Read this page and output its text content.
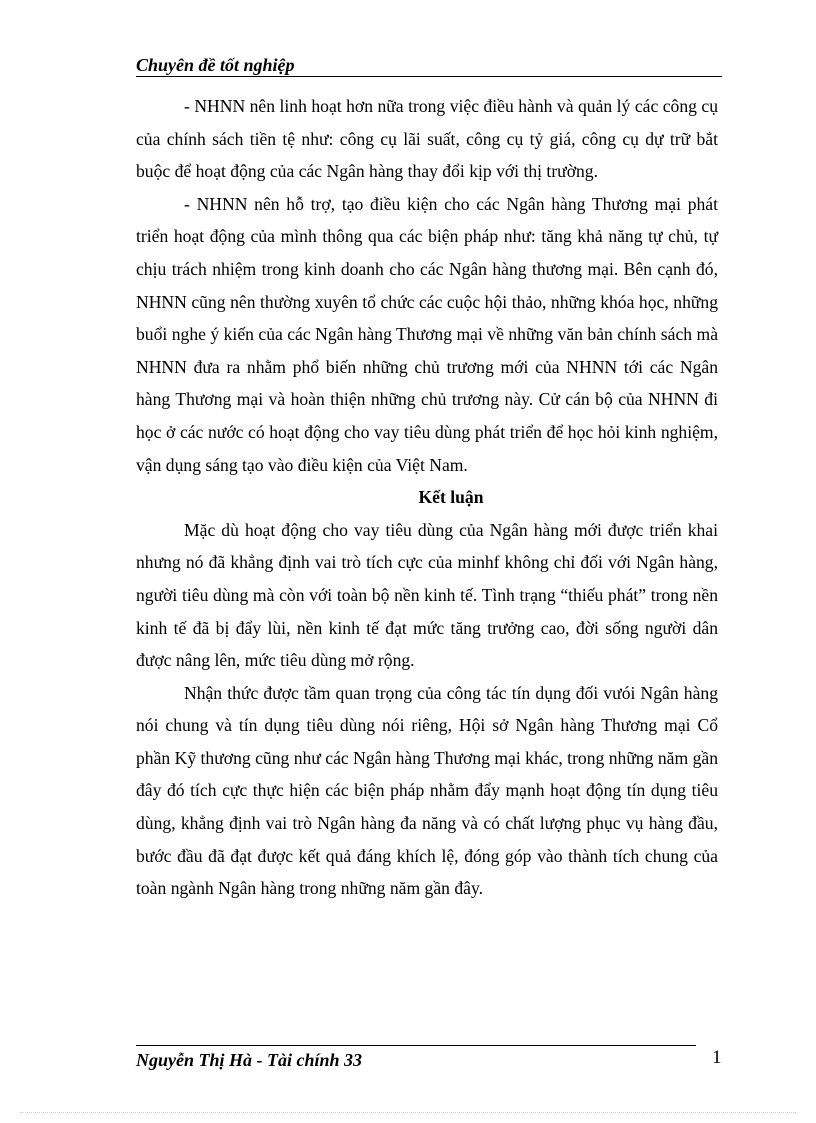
Chuyên đề tốt nghiệp

- NHNN nên linh hoạt hơn nữa trong việc điều hành và quản lý các công cụ của chính sách tiền tệ như: công cụ lãi suất, công cụ tỷ giá, công cụ dự trữ bắt buộc để hoạt động của các Ngân hàng thay đổi kịp với thị trường.

- NHNN nên hỗ trợ, tạo điều kiện cho các Ngân hàng Thương mại phát triển hoạt động của mình thông qua các biện pháp như: tăng khả năng tự chủ, tự chịu trách nhiệm trong kinh doanh cho các Ngân hàng thương mại. Bên cạnh đó, NHNN cũng nên thường xuyên tổ chức các cuộc hội thảo, những khóa học, những buổi nghe ý kiến của các Ngân hàng Thương mại về những văn bản chính sách mà NHNN đưa ra nhằm phổ biến những chủ trương mới của NHNN tới các Ngân hàng Thương mại và hoàn thiện những chủ trương này. Cử cán bộ của NHNN đi học ở các nước có hoạt động cho vay tiêu dùng phát triển để học hỏi kinh nghiệm, vận dụng sáng tạo vào điều kiện của Việt Nam.

Kết luận

Mặc dù hoạt động cho vay tiêu dùng của Ngân hàng mới được triển khai nhưng nó đã khẳng định vai trò tích cực của minhf không chỉ đối với Ngân hàng, người tiêu dùng mà còn với toàn bộ nền kinh tế. Tình trạng “thiếu phát” trong nền kinh tế đã bị đẩy lùi, nền kinh tế đạt mức tăng trưởng cao, đời sống người dân được nâng lên, mức tiêu dùng mở rộng.

Nhận thức được tầm quan trọng của công tác tín dụng đối vưói Ngân hàng nói chung và tín dụng tiêu dùng nói riêng, Hội sở Ngân hàng Thương mại Cổ phần Kỹ thương cũng như các Ngân hàng Thương mại khác, trong những năm gần đây đó tích cực thực hiện các biện pháp nhằm đẩy mạnh hoạt động tín dụng tiêu dùng, khẳng định vai trò Ngân hàng đa năng và có chất lượng phục vụ hàng đầu, bước đầu đã đạt được kết quả đáng khích lệ, đóng góp vào thành tích chung của toàn ngành Ngân hàng trong những năm gần đây.

Nguyễn Thị Hà - Tài chính 33	1
